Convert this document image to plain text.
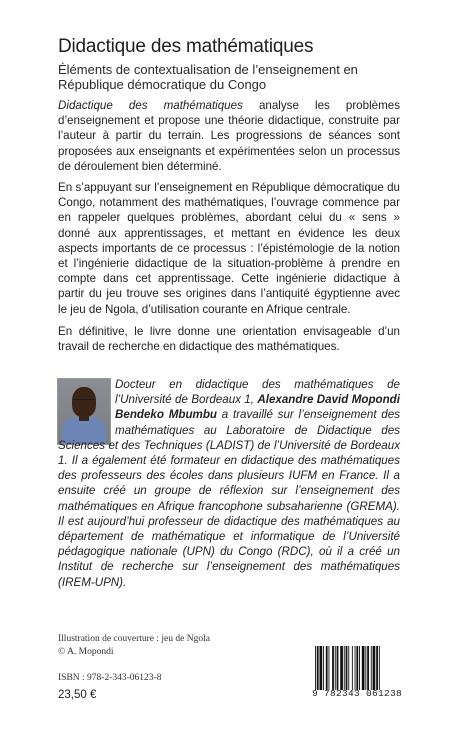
Didactique des mathématiques
Éléments de contextualisation de l’enseignement en République démocratique du Congo

Didactique des mathématiques analyse les problèmes d’enseignement et propose une théorie didactique, construite par l’auteur à partir du terrain. Les progressions de séances sont proposées aux enseignants et expérimentées selon un processus de déroulement bien déterminé.

En s’appuyant sur l’enseignement en République démocratique du Congo, notamment des mathématiques, l’ouvrage commence par en rappeler quelques problèmes, abordant celui du « sens » donné aux apprentissages, et mettant en évidence les deux aspects importants de ce processus : l’épistémologie de la notion et l’ingénierie didactique de la situation-problème à prendre en compte dans cet apprentissage. Cette ingénierie didactique à partir du jeu trouve ses origines dans l’antiquité égyptienne avec le jeu de Ngola, d’utilisation courante en Afrique centrale.

En définitive, le livre donne une orientation envisageable d’un travail de recherche en didactique des mathématiques.

Docteur en didactique des mathématiques de l’Université de Bordeaux 1, Alexandre David Mopondi Bendeko Mbumbu a travaillé sur l’enseignement des mathématiques au Laboratoire de Didactique des Sciences et des Techniques (LADIST) de l’Université de Bordeaux 1. Il a également été formateur en didactique des mathématiques des professeurs des écoles dans plusieurs IUFM en France. Il a ensuite créé un groupe de réflexion sur l’enseignement des mathématiques en Afrique francophone subsaharienne (GREMA). Il est aujourd’hui professeur de didactique des mathématiques au département de mathématique et informatique de l’Université pédagogique nationale (UPN) du Congo (RDC), où il a créé un Institut de recherche sur l’enseignement des mathématiques (IREM-UPN).
Illustration de couverture : jeu de Ngola
© A. Mopondi
ISBN : 978-2-343-06123-8
23,50 €	9 782343 061238
